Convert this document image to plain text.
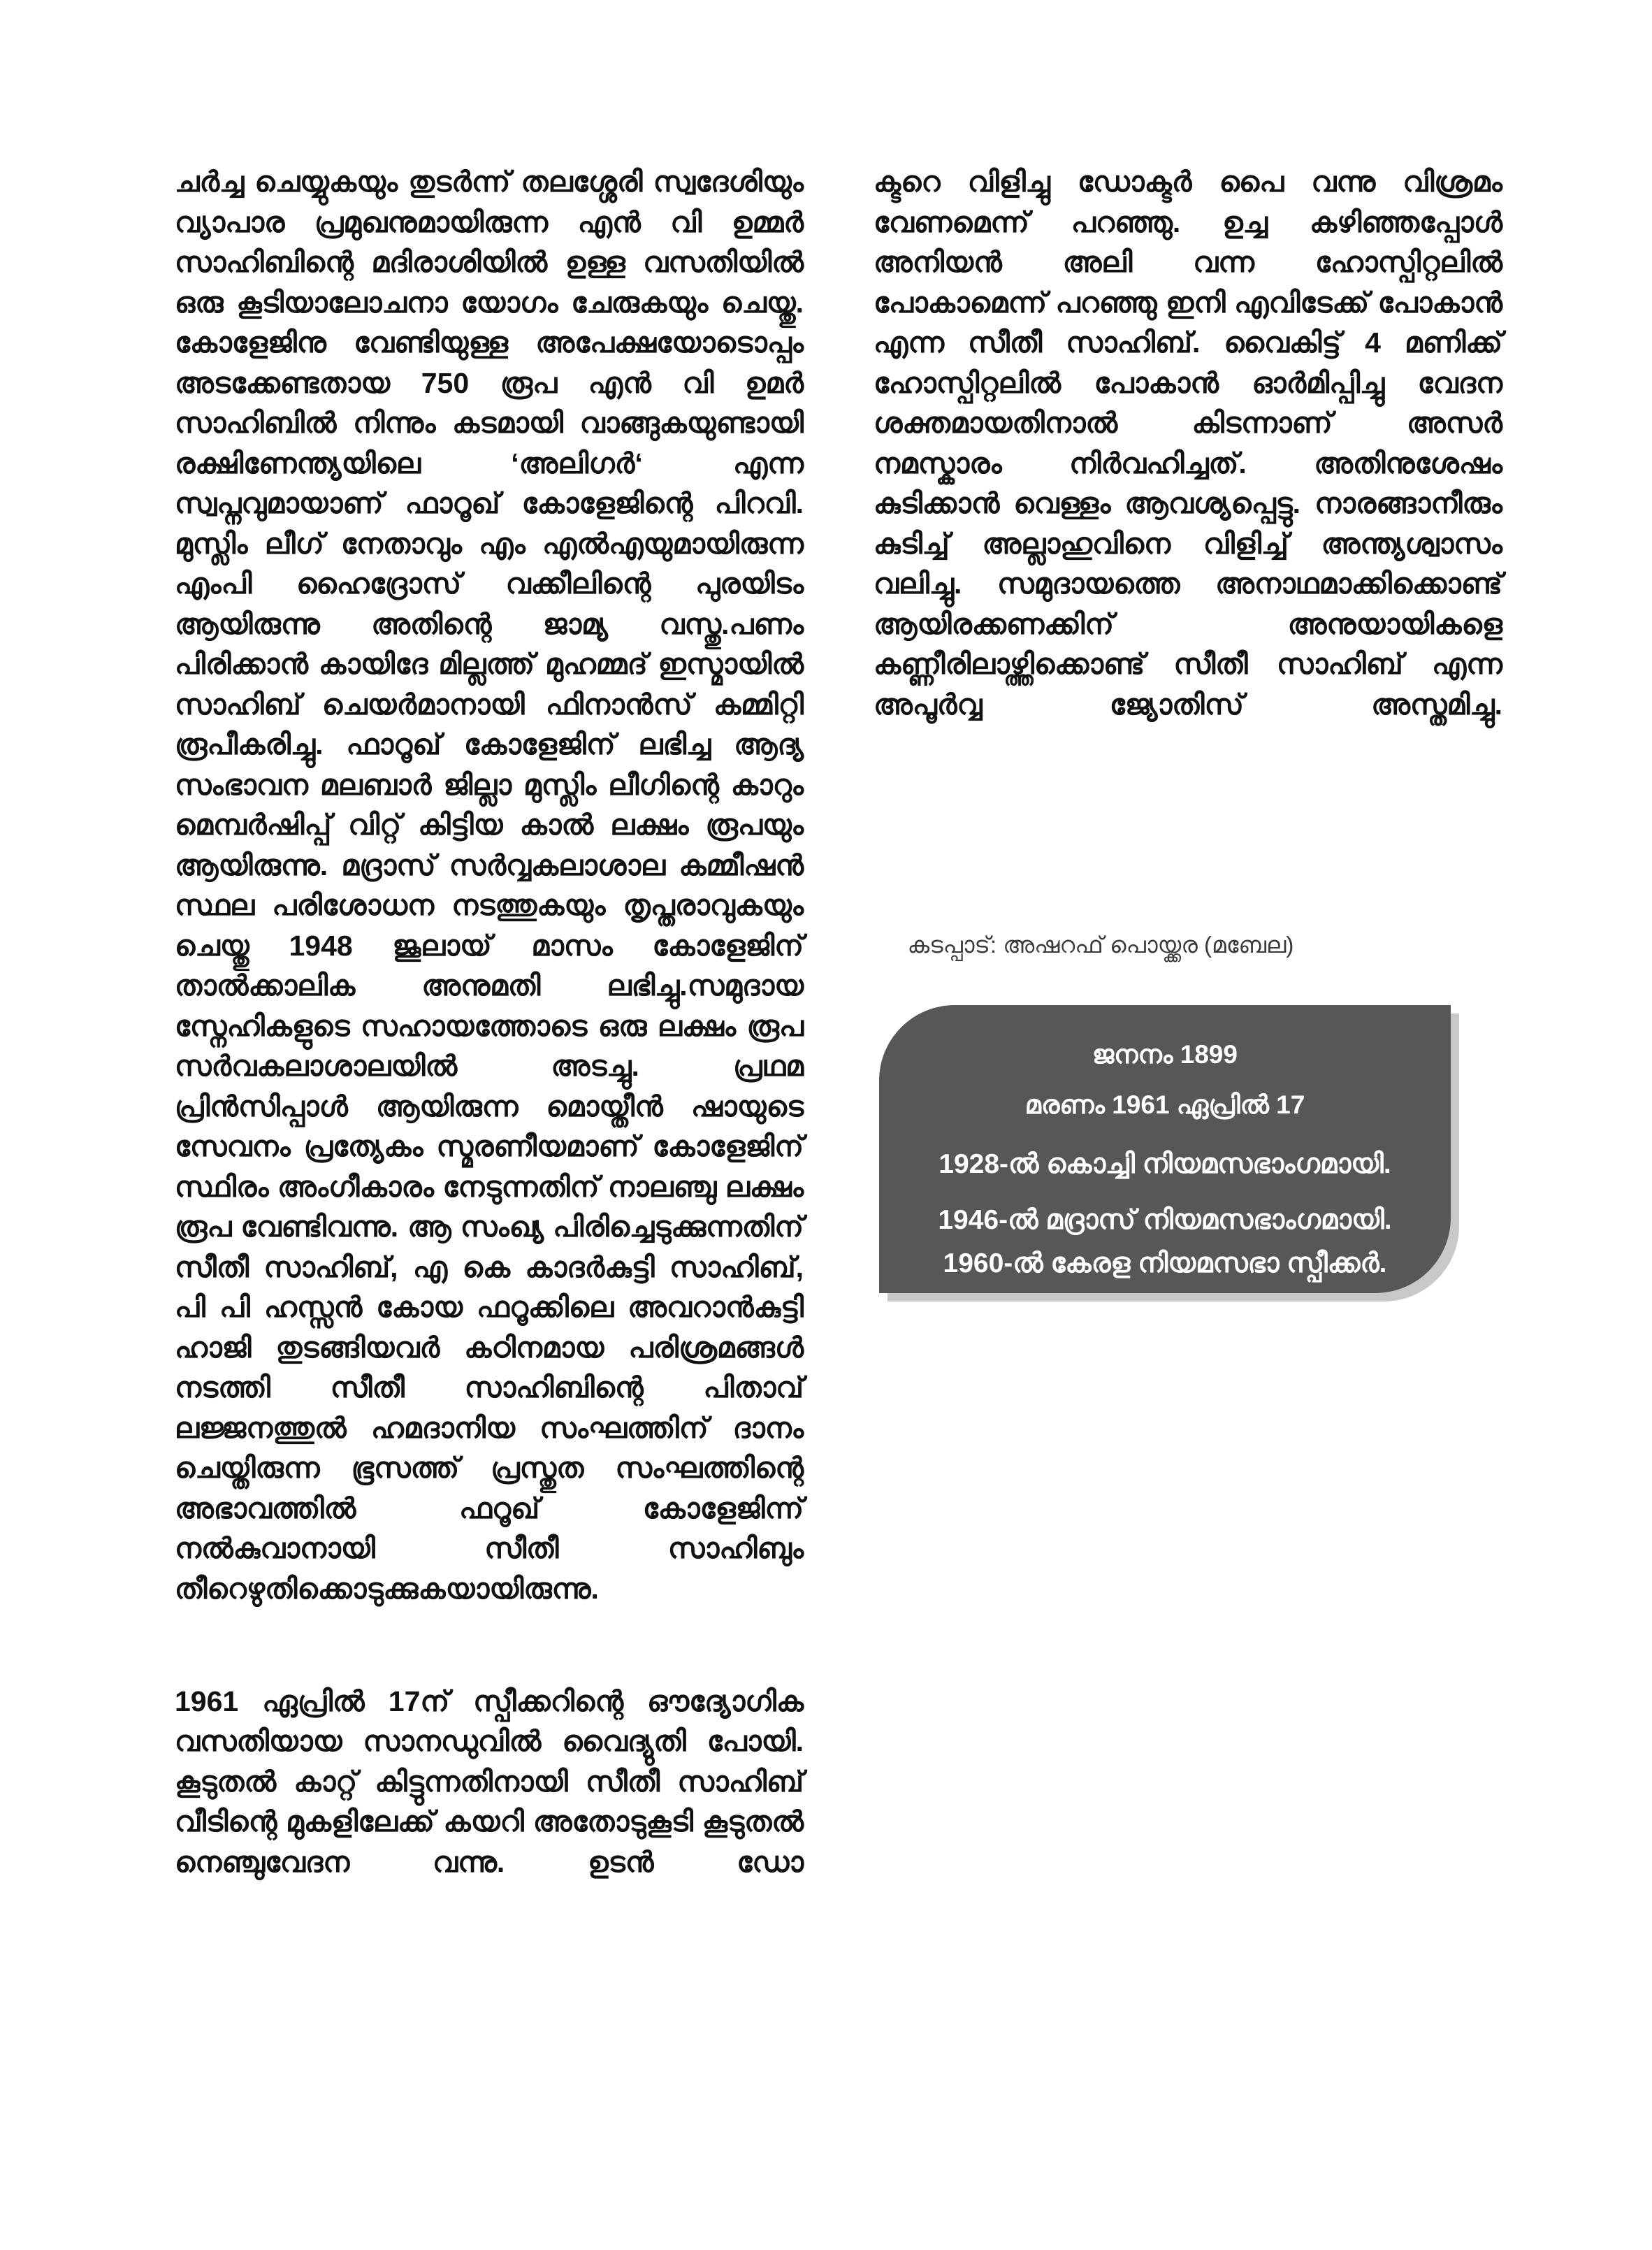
ചർച്ച ചെയ്യുകയും തുടർന്ന് തലശ്ശേരി സ്വദേശിയും വ്യാപാര പ്രമുഖനുമായിരുന്ന എൻ വി ഉമ്മർ സാഹിബിന്റെ മദിരാശിയിൽ ഉള്ള വസതിയിൽ ഒരു കൂടിയാലോചനാ യോഗം ചേരുകയും ചെയ്തു. കോളേജിനു വേണ്ടിയുള്ള അപേക്ഷയോടൊപ്പം അടക്കേണ്ടതായ 750 രൂപ എൻ വി ഉമർ സാഹിബിൽ നിന്നും കടമായി വാങ്ങുകയുണ്ടായി രക്ഷിണേന്ത്യയിലെ ‘അലിഗർ‘ എന്ന സ്വപ്നവുമായാണ് ഫാറൂഖ് കോളേജിന്റെ പിറവി. മുസ്ലിം ലീഗ് നേതാവും എം എൽഎയുമായിരുന്ന എംപി ഹൈദ്രോസ് വക്കീലിന്റെ പുരയിടം ആയിരുന്നു അതിന്റെ ജാമ്യ വസ്തു.പണം പിരിക്കാൻ കായിദേ മില്ലത്ത് മുഹമ്മദ് ഇസ്മായിൽ സാഹിബ് ചെയർമാനായി ഫിനാൻസ് കമ്മിറ്റി രൂപീകരിച്ചു. ഫാറൂഖ് കോളേജിന് ലഭിച്ച ആദ്യ സംഭാവന മലബാർ ജില്ലാ മുസ്ലിം ലീഗിന്റെ കാറും മെമ്പർഷിപ്പ് വിറ്റ് കിട്ടിയ കാൽ ലക്ഷം രൂപയും ആയിരുന്നു. മദ്രാസ് സർവ്വകലാശാല കമ്മീഷൻ സ്ഥല പരിശോധന നടത്തുകയും തൃപ്തരാവുകയും ചെയ്തു 1948 ജൂലായ് മാസം കോളേജിന് താൽക്കാലിക അനുമതി ലഭിച്ചു.സമുദായ സ്നേഹികളുടെ സഹായത്തോടെ ഒരു ലക്ഷം രൂപ സർവകലാശാലയിൽ അടച്ചു. പ്രഥമ പ്രിൻസിപ്പാൾ ആയിരുന്ന മൊയ്തീൻ ഷായുടെ സേവനം പ്രത്യേകം സ്മരണീയമാണ് കോളേജിന് സ്ഥിരം അംഗീകാരം നേടുന്നതിന് നാലഞ്ചു ലക്ഷം രൂപ വേണ്ടിവന്നു. ആ സംഖ്യ പിരിച്ചെടുക്കുന്നതിന് സീതീ സാഹിബ്, എ കെ കാദർകുട്ടി സാഹിബ്, പി പി ഹസ്സൻ കോയ ഫറൂക്കിലെ അവറാൻകുട്ടി ഹാജി തുടങ്ങിയവർ കഠിനമായ പരിശ്രമങ്ങൾ നടത്തി സീതീ സാഹിബിന്റെ പിതാവ് ലജ്ജനത്തുൽ ഹമദാനിയ സംഘത്തിന് ദാനം ചെയ്തിരുന്ന ഭൂസത്ത് പ്രസ്തുത സംഘത്തിന്റെ അഭാവത്തിൽ ഫറൂഖ് കോളേജിന്ന് നൽകുവാനായി സീതീ സാഹിബും തീറെഴുതിക്കൊടുക്കുകയായിരുന്നു.

1961 ഏപ്രിൽ 17ന് സ്പീക്കറിന്റെ ഔദ്യോഗിക വസതിയായ സാനഡുവിൽ വൈദ്യുതി പോയി. കൂടുതൽ കാറ്റ് കിട്ടുന്നതിനായി സീതീ സാഹിബ് വീടിന്റെ മുകളിലേക്ക് കയറി അതോടുകൂടി കൂടുതൽ നെഞ്ചുവേദന വന്നു. ഉടൻ ഡോ

ക്ടറെ വിളിച്ചു ഡോക്ടർ പൈ വന്നു വിശ്രമം വേണമെന്ന് പറഞ്ഞു. ഉച്ച കഴിഞ്ഞപ്പോൾ അനിയൻ അലി വന്ന ഹോസ്പിറ്റലിൽ പോകാമെന്ന് പറഞ്ഞു ഇനി എവിടേക്ക് പോകാൻ എന്ന സീതീ സാഹിബ്. വൈകിട്ട് 4 മണിക്ക് ഹോസ്പിറ്റലിൽ പോകാൻ ഓർമിപ്പിച്ചു വേദന ശക്തമായതിനാൽ കിടന്നാണ് അസർ നമസ്കാരം നിർവഹിച്ചത്. അതിനുശേഷം കുടിക്കാൻ വെള്ളം ആവശ്യപ്പെട്ടു. നാരങ്ങാനീരും കുടിച്ച് അല്ലാഹുവിനെ വിളിച്ച് അന്ത്യശ്വാസം വലിച്ചു. സമുദായത്തെ അനാഥമാക്കിക്കൊണ്ട് ആയിരക്കണക്കിന് അനുയായികളെ കണ്ണീരിലാഴ്ത്തിക്കൊണ്ട് സീതീ സാഹിബ് എന്ന അപൂർവ്വ ജ്യോതിസ് അസ്തമിച്ചു.

കടപ്പാട്: അഷറഫ് പൊയ്ക്കര (മബേല)
ജനനം 1899
മരണം 1961 ഏപ്രിൽ 17
1928-ൽ കൊച്ചി നിയമസഭാംഗമായി.
1946-ൽ മദ്രാസ് നിയമസഭാംഗമായി.
1960-ൽ കേരള നിയമസഭാ സ്പീക്കർ.
